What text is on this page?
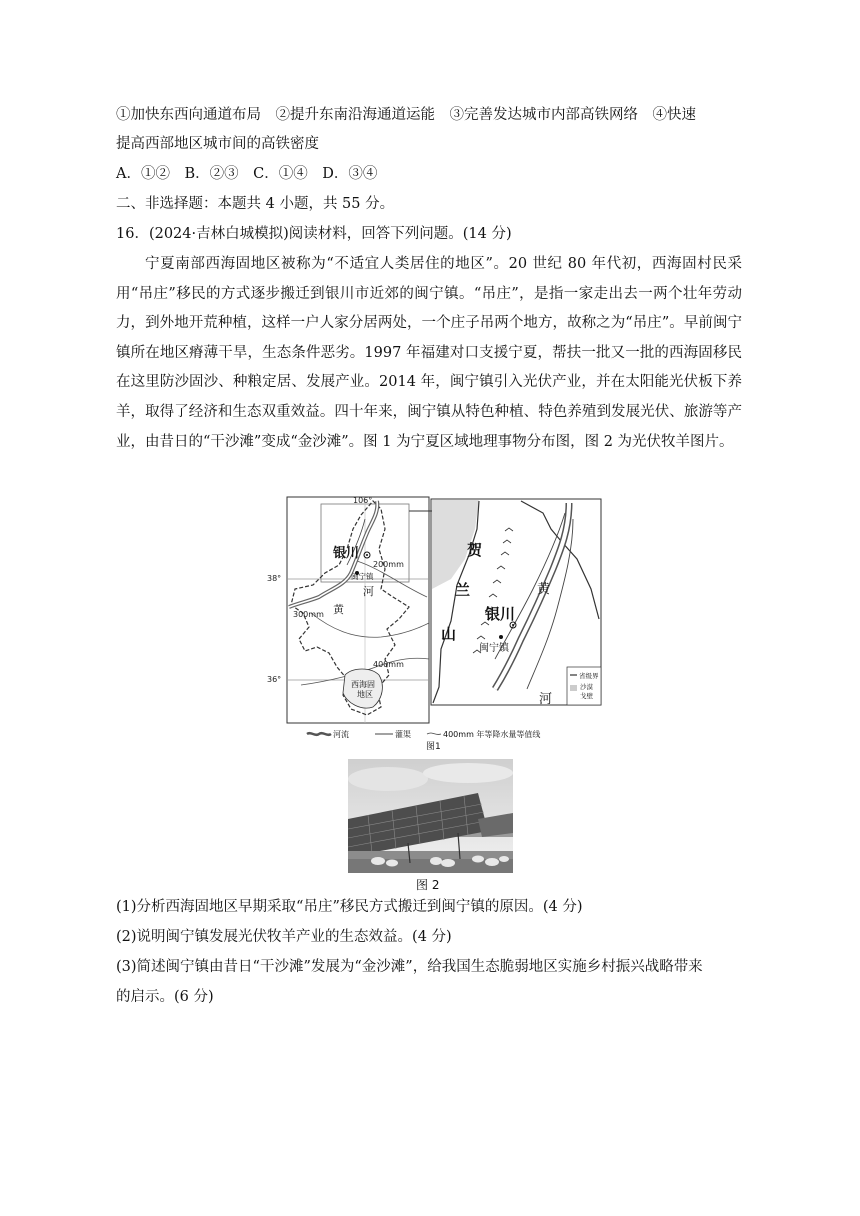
①加快东西向通道布局　②提升东南沿海通道运能　③完善发达城市内部高铁网络　④快速
提高西部地区城市间的高铁密度
A．①②　B．②③　C．①④　D．③④
二、非选择题：本题共 4 小题，共 55 分。
16．(2024·吉林白城模拟)阅读材料，回答下列问题。(14 分)
宁夏南部西海固地区被称为“不适宜人类居住的地区”。20 世纪 80 年代初，西海固村民采用“吊庄”移民的方式逐步搬迁到银川市近郊的闽宁镇。“吊庄”，是指一家走出去一两个壮年劳动力，到外地开荒种植，这样一户人家分居两处，一个庄子吊两个地方，故称之为“吊庄”。早前闽宁镇所在地区瘠薄干旱，生态条件恶劣。1997 年福建对口支援宁夏，帮扶一批又一批的西海固移民在这里防沙固沙、种粮定居、发展产业。2014 年，闽宁镇引入光伏产业，并在太阳能光伏板下养羊，取得了经济和生态双重效益。四十年来，闽宁镇从特色种植、特色养殖到发展光伏、旅游等产业，由昔日的“干沙滩”变成“金沙滩”。图 1 为宁夏区域地理事物分布图，图 2 为光伏牧羊图片。
106°
38°
36°
银川
闽宁镇
200mm
300mm
400mm
黄
河
西海固
地区
贺
兰
山
黄
河
银川
闽宁镇
省级界
沙漠
戈壁
河流	灌渠	400mm 年等降水量等值线
图1
图 2
(1)分析西海固地区早期采取“吊庄”移民方式搬迁到闽宁镇的原因。(4 分)
(2)说明闽宁镇发展光伏牧羊产业的生态效益。(4 分)
(3)简述闽宁镇由昔日“干沙滩”发展为“金沙滩”，给我国生态脆弱地区实施乡村振兴战略带来
的启示。(6 分)
